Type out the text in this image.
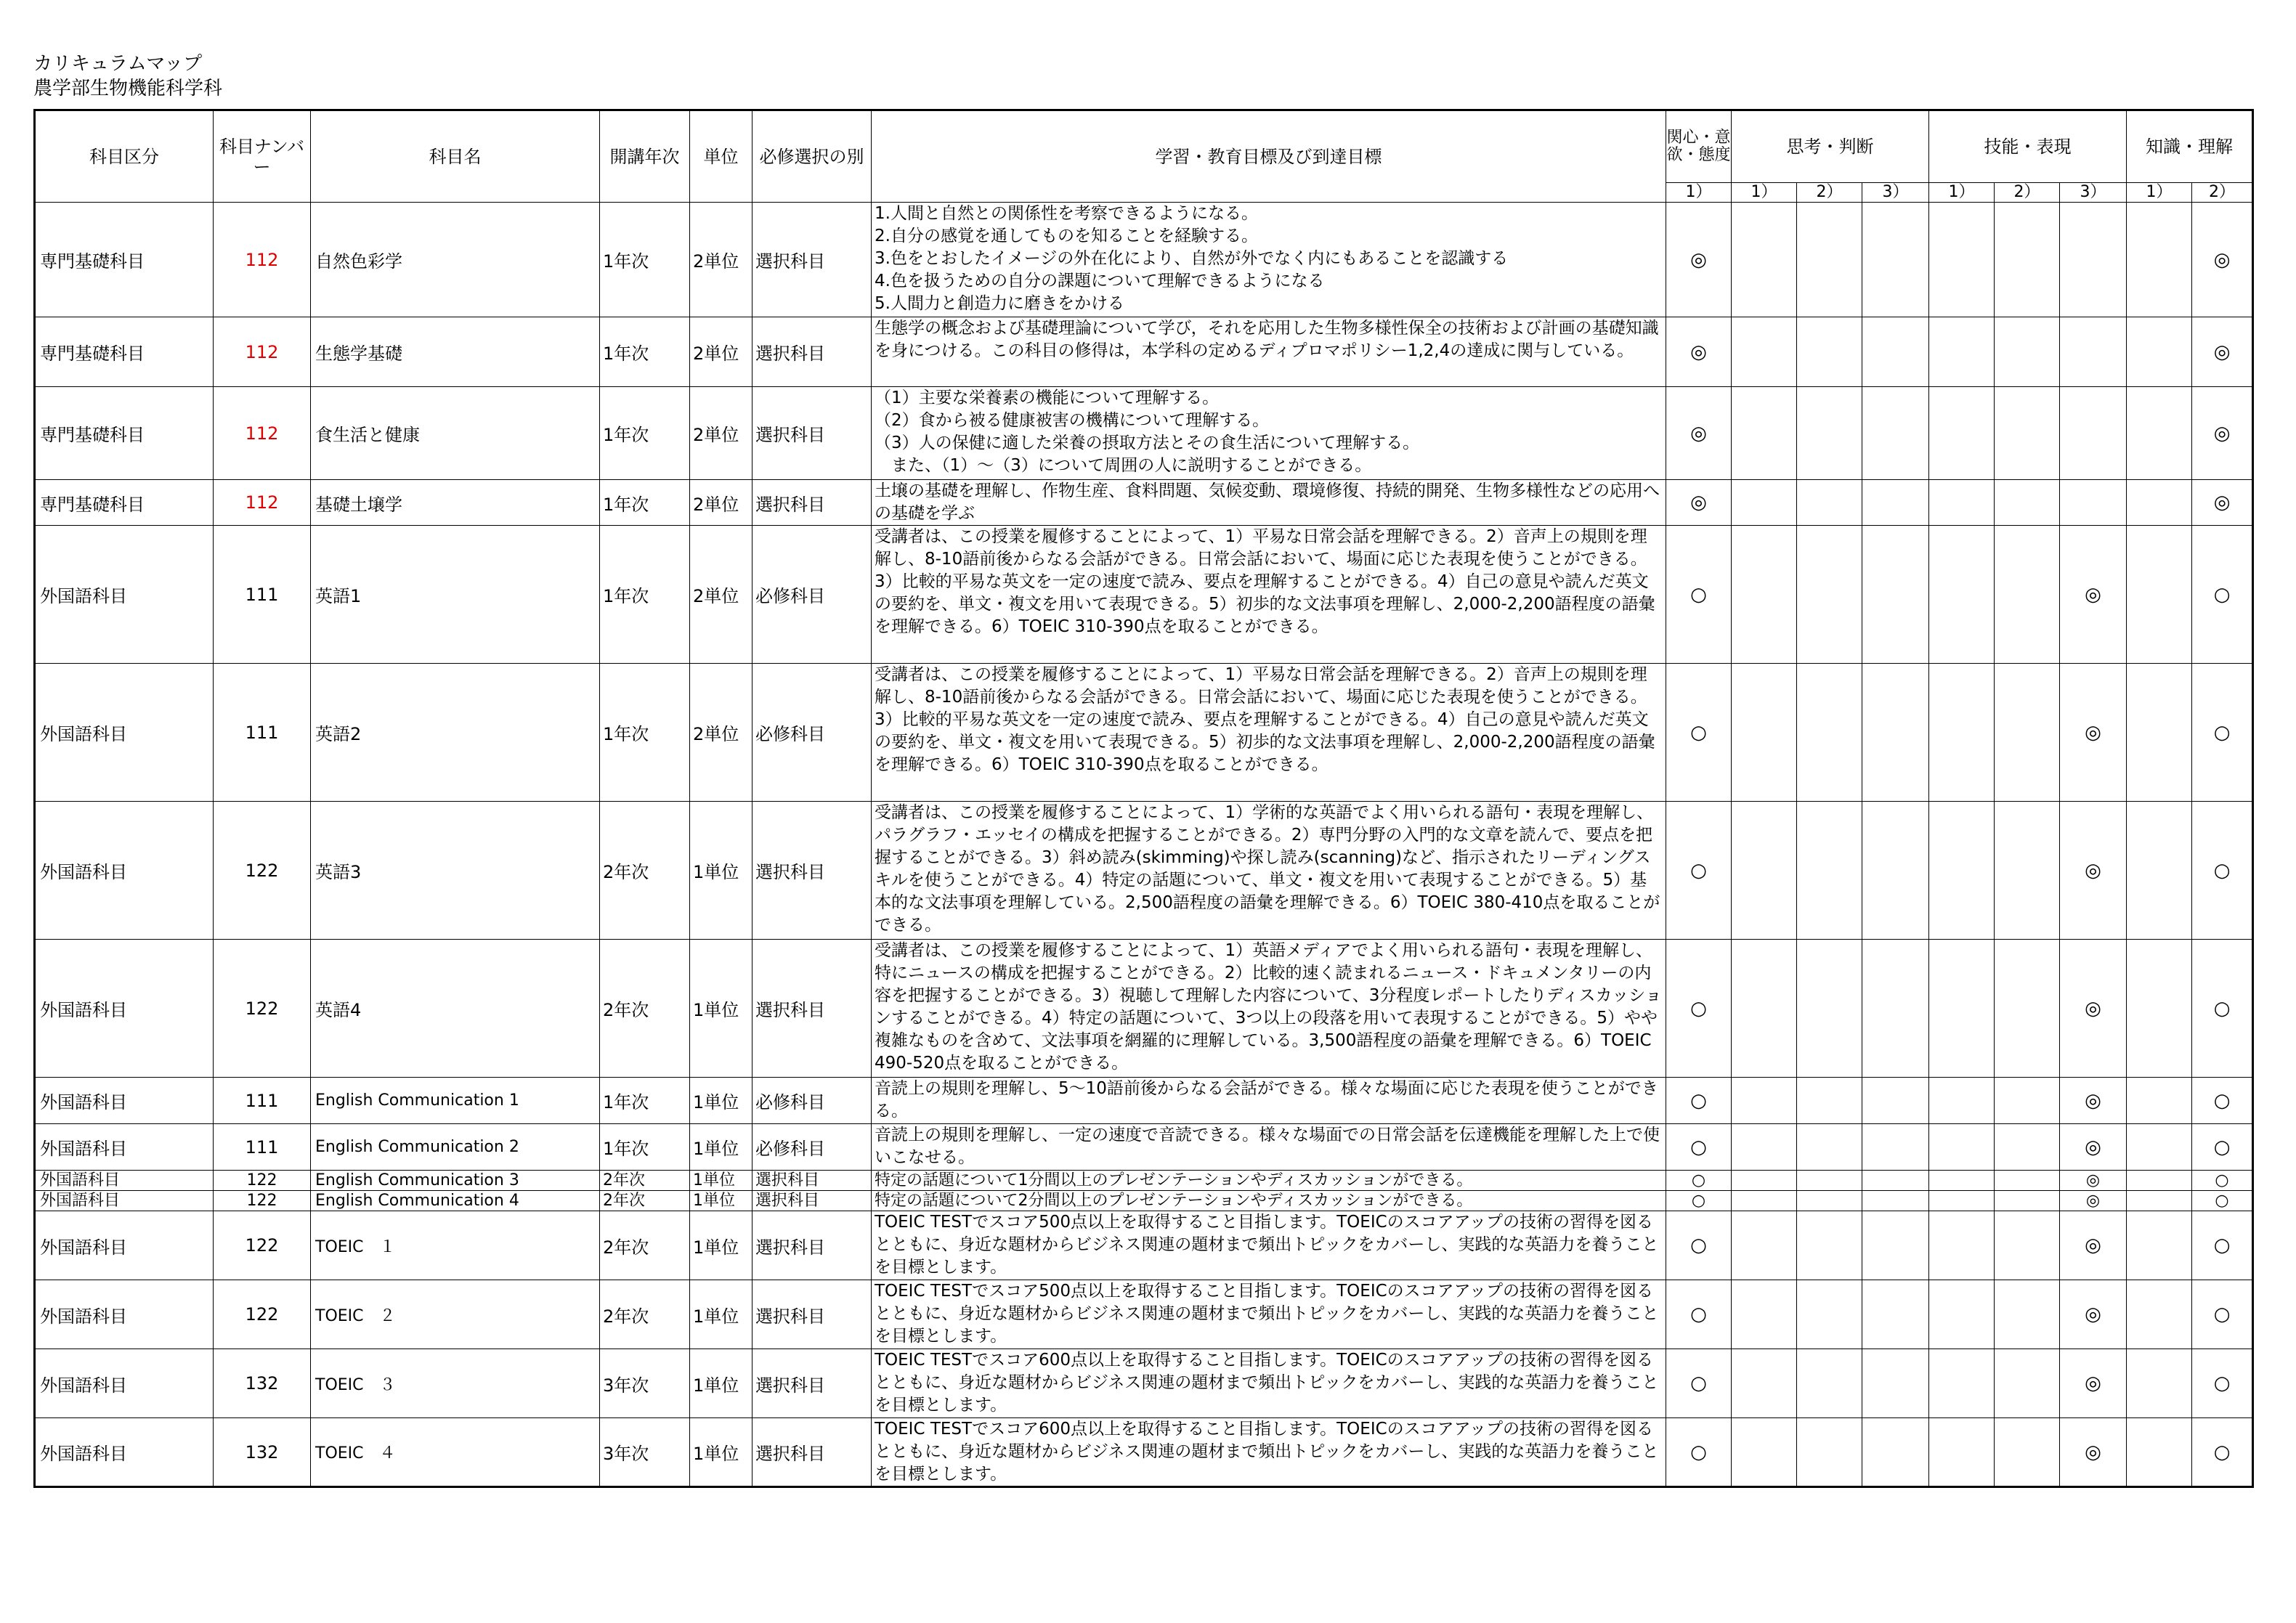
カリキュラムマップ
農学部生物機能科学科
科目区分	科目ナンバー	科目名	開講年次	単位	必修選択の別	学習・教育目標及び到達目標	関心・意欲・態度	思考・判断			技能・表現			知識・理解	
							1）	1）	2）	3）	1）	2）	3）	1）	2）
専門基礎科目	112	自然色彩学	1年次	2単位	選択科目	1.人間と自然との関係性を考察できるようになる。
2.自分の感覚を通してものを知ることを経験する。
3.色をとおしたイメージの外在化により、自然が外でなく内にもあることを認識する
4.色を扱うための自分の課題について理解できるようになる
5.人間力と創造力に磨きをかける	◎								◎
専門基礎科目	112	生態学基礎	1年次	2単位	選択科目	生態学の概念および基礎理論について学び，それを応用した生物多様性保全の技術および計画の基礎知識を身につける。この科目の修得は，本学科の定めるディプロマポリシー1,2,4の達成に関与している。	◎								◎
専門基礎科目	112	食生活と健康	1年次	2単位	選択科目	（1）主要な栄養素の機能について理解する。
（2）食から被る健康被害の機構について理解する。
（3）人の保健に適した栄養の摂取方法とその食生活について理解する。
　また、（1）～（3）について周囲の人に説明することができる。	◎								◎
専門基礎科目	112	基礎土壌学	1年次	2単位	選択科目	土壌の基礎を理解し、作物生産、食料問題、気候変動、環境修復、持続的開発、生物多様性などの応用への基礎を学ぶ	◎								◎
外国語科目	111	英語1	1年次	2単位	必修科目	受講者は、この授業を履修することによって、1）平易な日常会話を理解できる。2）音声上の規則を理解し、8-10語前後からなる会話ができる。日常会話において、場面に応じた表現を使うことができる。3）比較的平易な英文を一定の速度で読み、要点を理解することができる。4）自己の意見や読んだ英文の要約を、単文・複文を用いて表現できる。5）初歩的な文法事項を理解し、2,000-2,200語程度の語彙を理解できる。6）TOEIC 310-390点を取ることができる。	○						◎		○
外国語科目	111	英語2	1年次	2単位	必修科目	受講者は、この授業を履修することによって、1）平易な日常会話を理解できる。2）音声上の規則を理解し、8-10語前後からなる会話ができる。日常会話において、場面に応じた表現を使うことができる。3）比較的平易な英文を一定の速度で読み、要点を理解することができる。4）自己の意見や読んだ英文の要約を、単文・複文を用いて表現できる。5）初歩的な文法事項を理解し、2,000-2,200語程度の語彙を理解できる。6）TOEIC 310-390点を取ることができる。	○						◎		○
外国語科目	122	英語3	2年次	1単位	選択科目	受講者は、この授業を履修することによって、1）学術的な英語でよく用いられる語句・表現を理解し、パラグラフ・エッセイの構成を把握することができる。2）専門分野の入門的な文章を読んで、要点を把握することができる。3）斜め読み(skimming)や探し読み(scanning)など、指示されたリーディングスキルを使うことができる。4）特定の話題について、単文・複文を用いて表現することができる。5）基本的な文法事項を理解している。2,500語程度の語彙を理解できる。6）TOEIC 380-410点を取ることができる。	○						◎		○
外国語科目	122	英語4	2年次	1単位	選択科目	受講者は、この授業を履修することによって、1）英語メディアでよく用いられる語句・表現を理解し、特にニュースの構成を把握することができる。2）比較的速く読まれるニュース・ドキュメンタリーの内容を把握することができる。3）視聴して理解した内容について、3分程度レポートしたりディスカッションすることができる。4）特定の話題について、3つ以上の段落を用いて表現することができる。5）やや複雑なものを含めて、文法事項を網羅的に理解している。3,500語程度の語彙を理解できる。6）TOEIC 490-520点を取ることができる。	○						◎		○
外国語科目	111	English Communication 1	1年次	1単位	必修科目	音読上の規則を理解し、5～10語前後からなる会話ができる。様々な場面に応じた表現を使うことができる。	○						◎		○
外国語科目	111	English Communication 2	1年次	1単位	必修科目	音読上の規則を理解し、一定の速度で音読できる。様々な場面での日常会話を伝達機能を理解した上で使いこなせる。	○						◎		○
外国語科目	122	English Communication 3	2年次	1単位	選択科目	特定の話題について1分間以上のプレゼンテーションやディスカッションができる。	○						◎		○
外国語科目	122	English Communication 4	2年次	1単位	選択科目	特定の話題について2分間以上のプレゼンテーションやディスカッションができる。	○						◎		○
外国語科目	122	TOEIC　１	2年次	1単位	選択科目	TOEIC TESTでスコア500点以上を取得すること目指します。TOEICのスコアアップの技術の習得を図るとともに、身近な題材からビジネス関連の題材まで頻出トピックをカバーし、実践的な英語力を養うことを目標とします。	○						◎		○
外国語科目	122	TOEIC　２	2年次	1単位	選択科目	TOEIC TESTでスコア500点以上を取得すること目指します。TOEICのスコアアップの技術の習得を図るとともに、身近な題材からビジネス関連の題材まで頻出トピックをカバーし、実践的な英語力を養うことを目標とします。	○						◎		○
外国語科目	132	TOEIC　３	3年次	1単位	選択科目	TOEIC TESTでスコア600点以上を取得すること目指します。TOEICのスコアアップの技術の習得を図るとともに、身近な題材からビジネス関連の題材まで頻出トピックをカバーし、実践的な英語力を養うことを目標とします。	○						◎		○
外国語科目	132	TOEIC　４	3年次	1単位	選択科目	TOEIC TESTでスコア600点以上を取得すること目指します。TOEICのスコアアップの技術の習得を図るとともに、身近な題材からビジネス関連の題材まで頻出トピックをカバーし、実践的な英語力を養うことを目標とします。	○						◎		○
